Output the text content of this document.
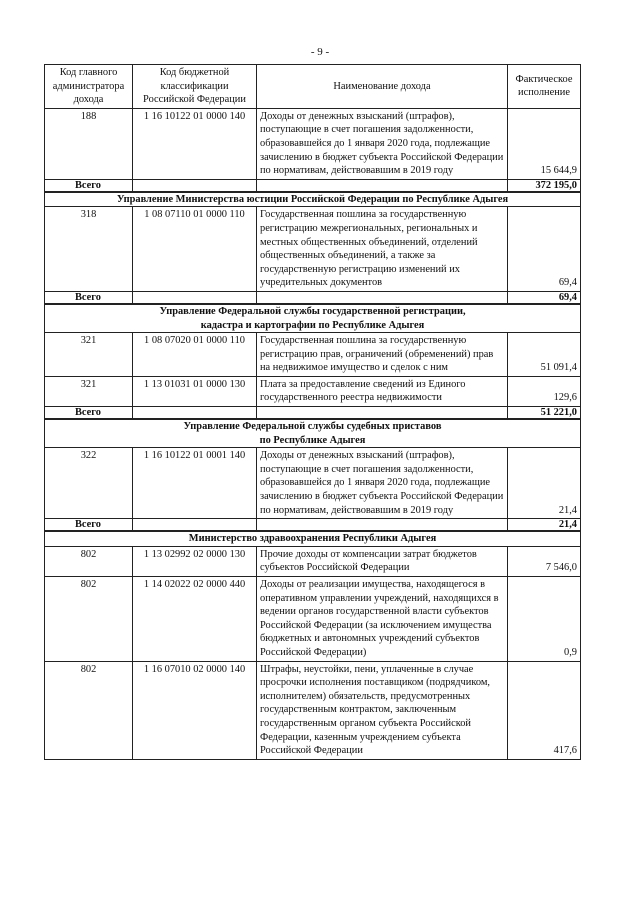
- 9 -
Код главного администратора дохода	Код бюджетной классификации Российской Федерации	Наименование дохода	Фактическое исполнение
188	1 16 10122 01 0000 140	Доходы от денежных взысканий (штрафов), поступающие в счет погашения задолженности, образовавшейся до 1 января 2020 года, подлежащие зачислению в бюджет субъекта Российской Федерации по нормативам, действовавшим в 2019 году	15 644,9
Всего			372 195,0
Управление Министерства юстиции Российской Федерации по Республике Адыгея			
318	1 08 07110 01 0000 110	Государственная пошлина за государственную регистрацию межрегиональных, региональных и местных общественных объединений, отделений общественных объединений, а также за государственную регистрацию изменений их учредительных документов	69,4
Всего			69,4
Управление Федеральной службы государственной регистрации,
кадастра и картографии по Республике Адыгея			
321	1 08 07020 01 0000 110	Государственная пошлина за государственную регистрацию прав, ограничений (обременений) прав на недвижимое имущество и сделок с ним	51 091,4
321	1 13 01031 01 0000 130	Плата за предоставление сведений из Единого государственного реестра недвижимости	129,6
Всего			51 221,0
Управление Федеральной службы судебных приставов
по Республике Адыгея			
322	1 16 10122 01 0001 140	Доходы от денежных взысканий (штрафов), поступающие в счет погашения задолженности, образовавшейся до 1 января 2020 года, подлежащие зачислению в бюджет субъекта Российской Федерации по нормативам, действовавшим в 2019 году	21,4
Всего			21,4
Министерство здравоохранения Республики Адыгея			
802	1 13 02992 02 0000 130	Прочие доходы от компенсации затрат бюджетов субъектов Российской Федерации	7 546,0
802	1 14 02022 02 0000 440	Доходы от реализации имущества, находящегося в оперативном управлении учреждений, находящихся в ведении органов государственной власти субъектов Российской Федерации (за исключением имущества бюджетных и автономных учреждений субъектов Российской Федерации)	0,9
802	1 16 07010 02 0000 140	Штрафы, неустойки, пени, уплаченные в случае просрочки исполнения поставщиком (подрядчиком, исполнителем) обязательств, предусмотренных государственным контрактом, заключенным государственным органом субъекта Российской Федерации, казенным учреждением субъекта Российской Федерации	417,6
